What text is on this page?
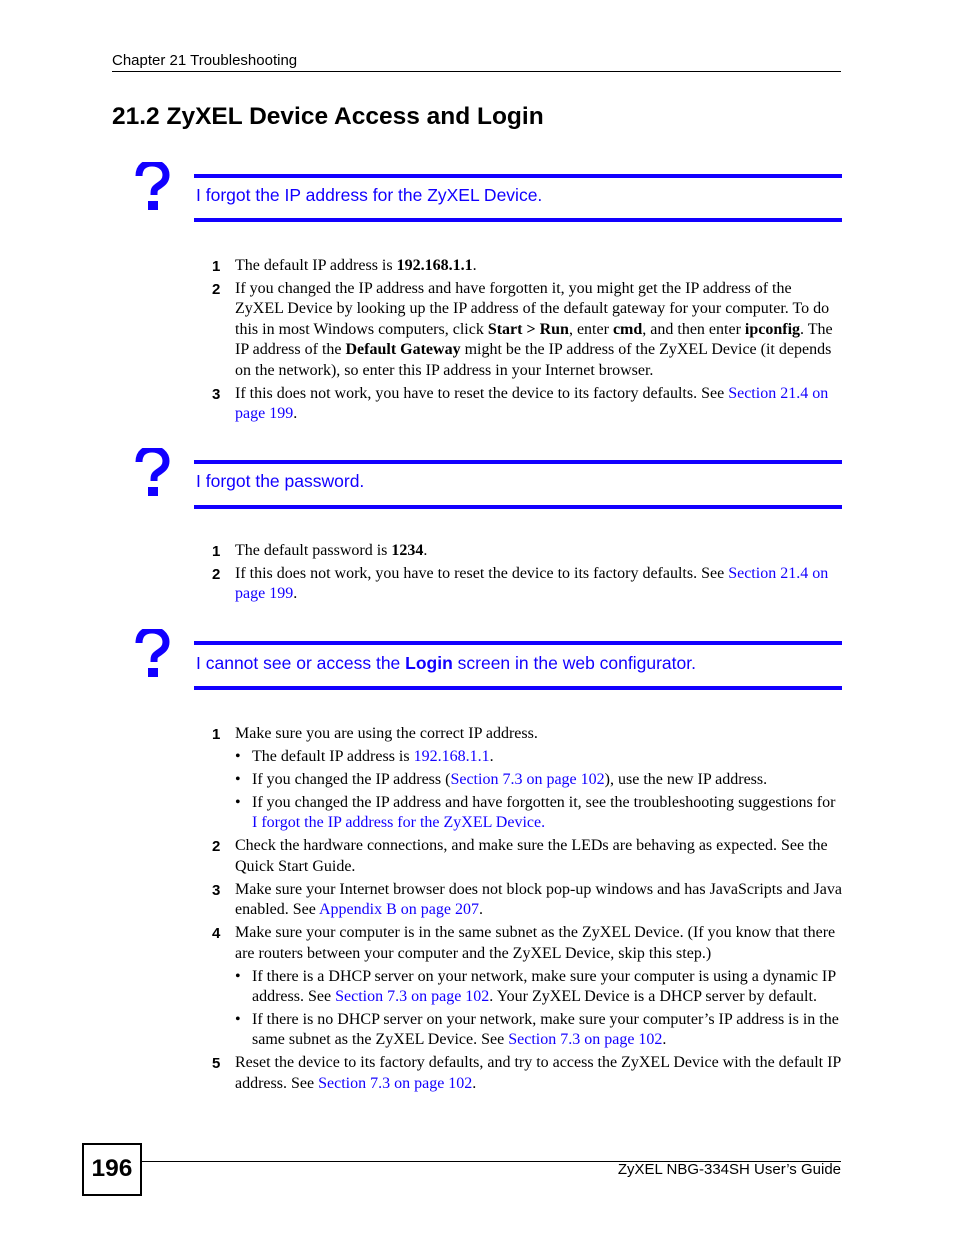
Chapter 21 Troubleshooting
21.2 ZyXEL Device Access and Login
I forgot the IP address for the ZyXEL Device.
1 The default IP address is 192.168.1.1.
2 If you changed the IP address and have forgotten it, you might get the IP address of the ZyXEL Device by looking up the IP address of the default gateway for your computer. To do this in most Windows computers, click Start > Run, enter cmd, and then enter ipconfig. The IP address of the Default Gateway might be the IP address of the ZyXEL Device (it depends on the network), so enter this IP address in your Internet browser.
3 If this does not work, you have to reset the device to its factory defaults. See Section 21.4 on page 199.
I forgot the password.
1 The default password is 1234.
2 If this does not work, you have to reset the device to its factory defaults. See Section 21.4 on page 199.
I cannot see or access the Login screen in the web configurator.
1 Make sure you are using the correct IP address.
• The default IP address is 192.168.1.1.
• If you changed the IP address (Section 7.3 on page 102), use the new IP address.
• If you changed the IP address and have forgotten it, see the troubleshooting suggestions for I forgot the IP address for the ZyXEL Device.
2 Check the hardware connections, and make sure the LEDs are behaving as expected. See the Quick Start Guide.
3 Make sure your Internet browser does not block pop-up windows and has JavaScripts and Java enabled. See Appendix B on page 207.
4 Make sure your computer is in the same subnet as the ZyXEL Device. (If you know that there are routers between your computer and the ZyXEL Device, skip this step.)
• If there is a DHCP server on your network, make sure your computer is using a dynamic IP address. See Section 7.3 on page 102. Your ZyXEL Device is a DHCP server by default.
• If there is no DHCP server on your network, make sure your computer’s IP address is in the same subnet as the ZyXEL Device. See Section 7.3 on page 102.
5 Reset the device to its factory defaults, and try to access the ZyXEL Device with the default IP address. See Section 7.3 on page 102.
196	ZyXEL NBG-334SH User’s Guide
